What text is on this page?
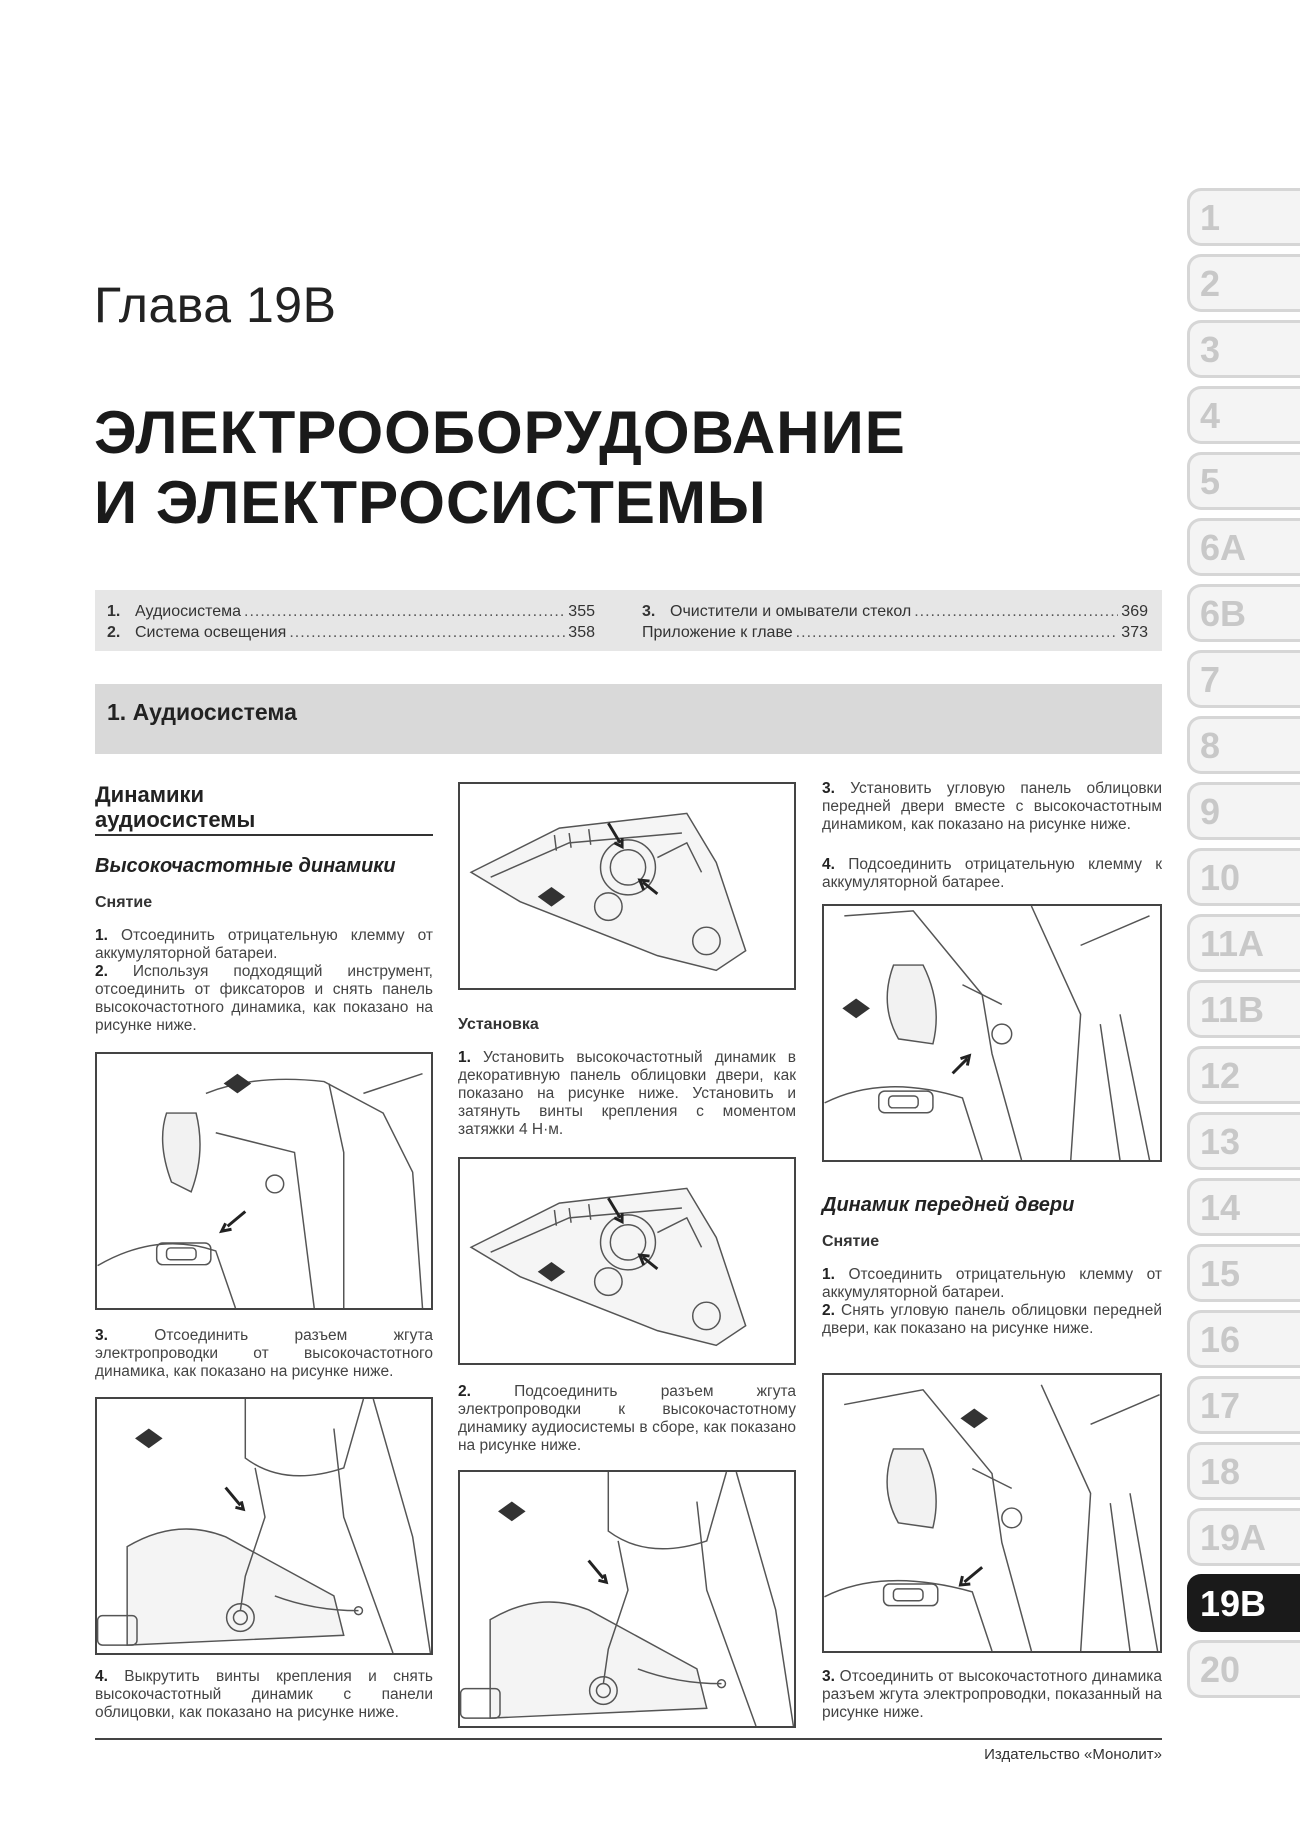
Глава 19В
ЭЛЕКТРООБОРУДОВАНИЕ
И ЭЛЕКТРОСИСТЕМЫ
1. Аудиосистема .....	355
2. Система освещения .....	358
3. Очистители и омыватели стекол .....	369
Приложение к главе .....	373
1. Аудиосистема
1
2
3
4
5
6А
6В
7
8
9
10
11А
11В
12
13
14
15
16
17
18
19А
19В
20
Динамики
аудиосистемы
Высокочастотные динамики
Снятие
1. Отсоединить отрицательную клемму от аккумуляторной батареи.
2. Используя подходящий инструмент, отсоединить от фиксаторов и снять панель высокочастотного динамика, как показано на рисунке ниже.
3.	Отсоединить разъем жгута электропроводки от высокочастотного динамика, как показано на рисунке ниже.
4. Выкрутить винты крепления и снять высокочастотный динамик с панели облицовки, как показано на рисунке ниже.
Установка
1. Установить высокочастотный динамик в декоративную панель облицовки двери, как показано на рисунке ниже. Установить и затянуть винты крепления с моментом затяжки 4 Н·м.
2.	Подсоединить разъем жгута электропроводки к высокочастотному динамику аудиосистемы в сборе, как показано на рисунке ниже.
3. Установить угловую панель облицовки передней двери вместе с высокочастотным динамиком, как показано на рисунке ниже.
4. Подсоединить отрицательную клемму к аккумуляторной батарее.
Динамик передней двери
Снятие
1. Отсоединить отрицательную клемму от аккумуляторной батареи.
2. Снять угловую панель облицовки передней двери, как показано на рисунке ниже.
3. Отсоединить от высокочастотного динамика разъем жгута электропроводки, показанный на рисунке ниже.
Издательство «Монолит»
